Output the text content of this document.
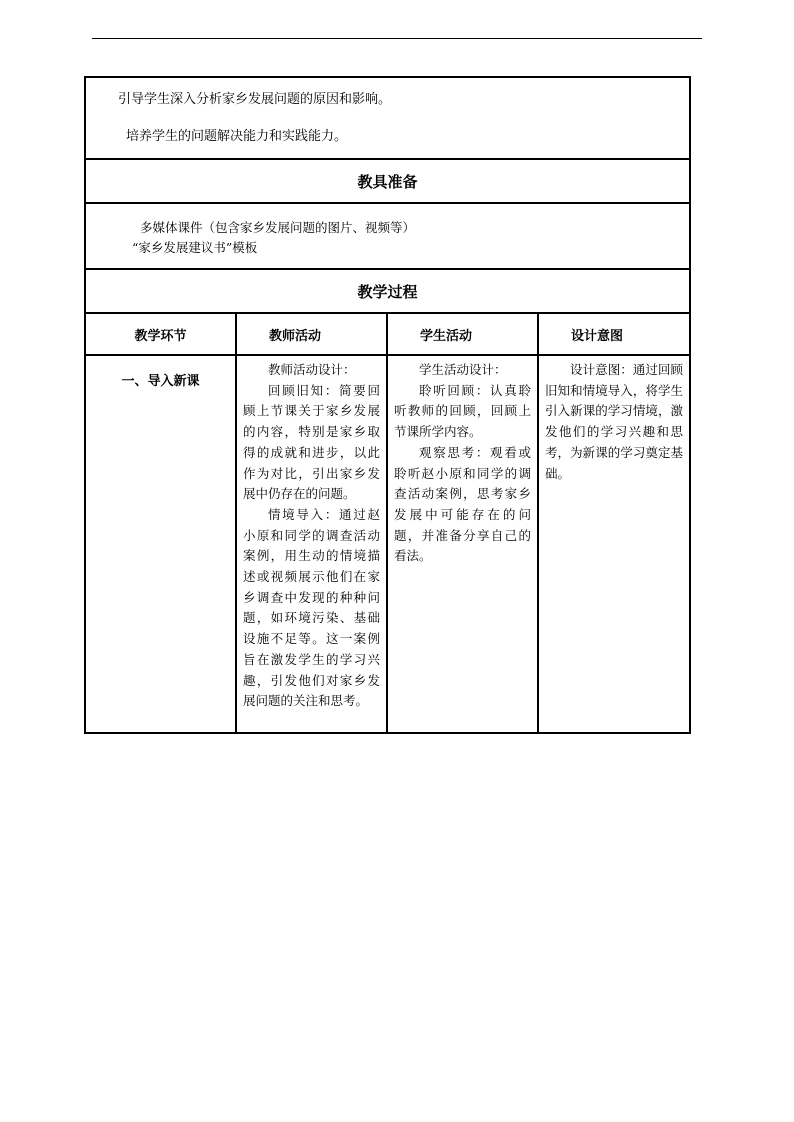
引导学生深入分析家乡发展问题的原因和影响。
培养学生的问题解决能力和实践能力。			

教具准备			

多媒体课件（包含家乡发展问题的图片、视频等）
“家乡发展建议书”模板			

教学过程			
教学环节	教师活动	学生活动	设计意图
一、导入新课	教师活动设计：
回顾旧知：简要回顾上节课关于家乡发展的内容，特别是家乡取得的成就和进步，以此作为对比，引出家乡发展中仍存在的问题。
情境导入：通过赵小原和同学的调查活动案例，用生动的情境描述或视频展示他们在家乡调查中发现的种种问题，如环境污染、基础设施不足等。这一案例旨在激发学生的学习兴趣，引发他们对家乡发展问题的关注和思考。	学生活动设计：
聆听回顾：认真聆听教师的回顾，回顾上节课所学内容。
观察思考：观看或聆听赵小原和同学的调查活动案例，思考家乡发展中可能存在的问题，并准备分享自己的看法。	设计意图：通过回顾旧知和情境导入，将学生引入新课的学习情境，激发他们的学习兴趣和思考，为新课的学习奠定基础。
